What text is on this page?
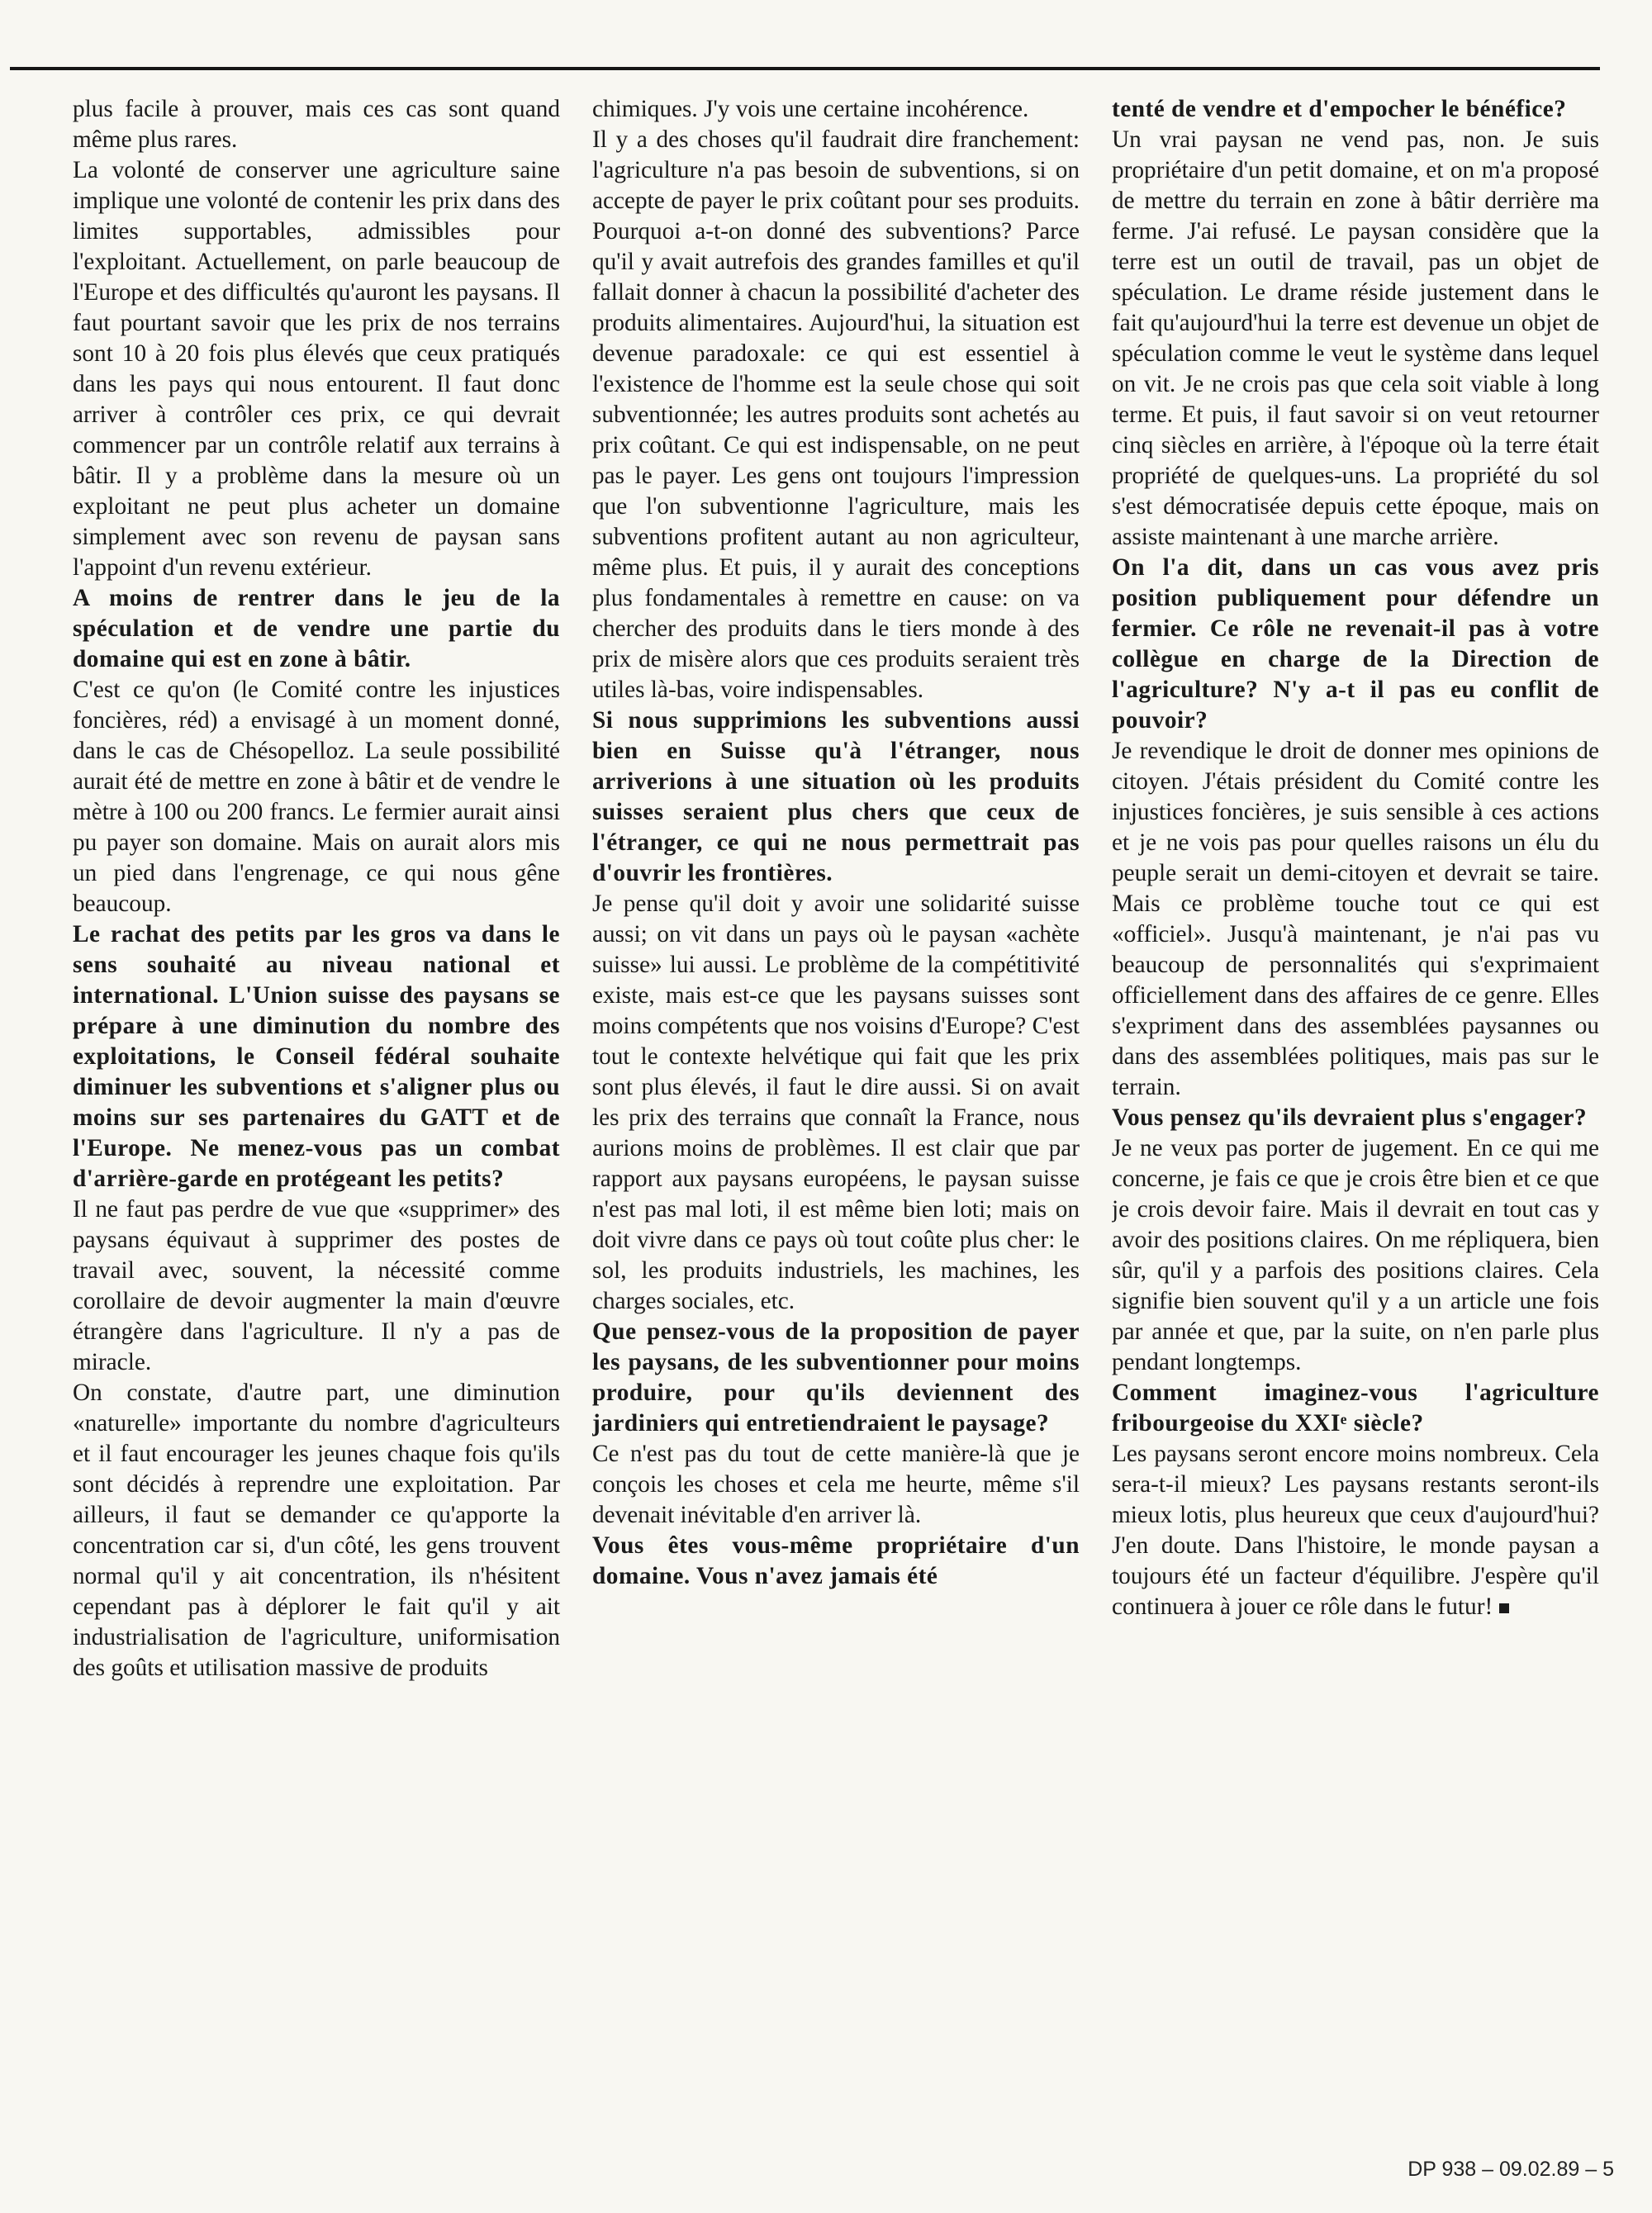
plus facile à prouver, mais ces cas sont quand même plus rares.

La volonté de conserver une agriculture saine implique une volonté de contenir les prix dans des limites supportables, admissibles pour l'exploitant. Actuellement, on parle beaucoup de l'Europe et des difficultés qu'auront les paysans. Il faut pourtant savoir que les prix de nos terrains sont 10 à 20 fois plus élevés que ceux pratiqués dans les pays qui nous entourent. Il faut donc arriver à contrôler ces prix, ce qui devrait commencer par un contrôle relatif aux terrains à bâtir. Il y a problème dans la mesure où un exploitant ne peut plus acheter un domaine simplement avec son revenu de paysan sans l'appoint d'un revenu extérieur.

A moins de rentrer dans le jeu de la spéculation et de vendre une partie du domaine qui est en zone à bâtir.

C'est ce qu'on (le Comité contre les injustices foncières, réd) a envisagé à un moment donné, dans le cas de Chésopelloz. La seule possibilité aurait été de mettre en zone à bâtir et de vendre le mètre à 100 ou 200 francs. Le fermier aurait ainsi pu payer son domaine. Mais on aurait alors mis un pied dans l'engrenage, ce qui nous gêne beaucoup.

Le rachat des petits par les gros va dans le sens souhaité au niveau national et international. L'Union suisse des paysans se prépare à une diminution du nombre des exploitations, le Conseil fédéral souhaite diminuer les subventions et s'aligner plus ou moins sur ses partenaires du GATT et de l'Europe. Ne menez-vous pas un combat d'arrière-garde en protégeant les petits?

Il ne faut pas perdre de vue que «supprimer» des paysans équivaut à supprimer des postes de travail avec, souvent, la nécessité comme corollaire de devoir augmenter la main d'œuvre étrangère dans l'agriculture. Il n'y a pas de miracle.

On constate, d'autre part, une diminution «naturelle» importante du nombre d'agriculteurs et il faut encourager les jeunes chaque fois qu'ils sont décidés à reprendre une exploitation. Par ailleurs, il faut se demander ce qu'apporte la concentration car si, d'un côté, les gens trouvent normal qu'il y ait concentration, ils n'hésitent cependant pas à déplorer le fait qu'il y ait industrialisation de l'agriculture, uniformisation des goûts et utilisation massive de produits

chimiques. J'y vois une certaine incohérence.

Il y a des choses qu'il faudrait dire franchement: l'agriculture n'a pas besoin de subventions, si on accepte de payer le prix coûtant pour ses produits. Pourquoi a-t-on donné des subventions? Parce qu'il y avait autrefois des grandes familles et qu'il fallait donner à chacun la possibilité d'acheter des produits alimentaires. Aujourd'hui, la situation est devenue paradoxale: ce qui est essentiel à l'existence de l'homme est la seule chose qui soit subventionnée; les autres produits sont achetés au prix coûtant. Ce qui est indispensable, on ne peut pas le payer. Les gens ont toujours l'impression que l'on subventionne l'agriculture, mais les subventions profitent autant au non agriculteur, même plus. Et puis, il y aurait des conceptions plus fondamentales à remettre en cause: on va chercher des produits dans le tiers monde à des prix de misère alors que ces produits seraient très utiles là-bas, voire indispensables.

Si nous supprimions les subventions aussi bien en Suisse qu'à l'étranger, nous arriverions à une situation où les produits suisses seraient plus chers que ceux de l'étranger, ce qui ne nous permettrait pas d'ouvrir les frontières.

Je pense qu'il doit y avoir une solidarité suisse aussi; on vit dans un pays où le paysan «achète suisse» lui aussi. Le problème de la compétitivité existe, mais est-ce que les paysans suisses sont moins compétents que nos voisins d'Europe? C'est tout le contexte helvétique qui fait que les prix sont plus élevés, il faut le dire aussi. Si on avait les prix des terrains que connaît la France, nous aurions moins de problèmes. Il est clair que par rapport aux paysans européens, le paysan suisse n'est pas mal loti, il est même bien loti; mais on doit vivre dans ce pays où tout coûte plus cher: le sol, les produits industriels, les machines, les charges sociales, etc.

Que pensez-vous de la proposition de payer les paysans, de les subventionner pour moins produire, pour qu'ils deviennent des jardiniers qui entretiendraient le paysage?

Ce n'est pas du tout de cette manière-là que je conçois les choses et cela me heurte, même s'il devenait inévitable d'en arriver là.

Vous êtes vous-même propriétaire d'un domaine. Vous n'avez jamais été

tenté de vendre et d'empocher le bénéfice?

Un vrai paysan ne vend pas, non. Je suis propriétaire d'un petit domaine, et on m'a proposé de mettre du terrain en zone à bâtir derrière ma ferme. J'ai refusé. Le paysan considère que la terre est un outil de travail, pas un objet de spéculation. Le drame réside justement dans le fait qu'aujourd'hui la terre est devenue un objet de spéculation comme le veut le système dans lequel on vit. Je ne crois pas que cela soit viable à long terme. Et puis, il faut savoir si on veut retourner cinq siècles en arrière, à l'époque où la terre était propriété de quelques-uns. La propriété du sol s'est démocratisée depuis cette époque, mais on assiste maintenant à une marche arrière.

On l'a dit, dans un cas vous avez pris position publiquement pour défendre un fermier. Ce rôle ne revenait-il pas à votre collègue en charge de la Direction de l'agriculture? N'y a-t il pas eu conflit de pouvoir?

Je revendique le droit de donner mes opinions de citoyen. J'étais président du Comité contre les injustices foncières, je suis sensible à ces actions et je ne vois pas pour quelles raisons un élu du peuple serait un demi-citoyen et devrait se taire. Mais ce problème touche tout ce qui est «officiel». Jusqu'à maintenant, je n'ai pas vu beaucoup de personnalités qui s'exprimaient officiellement dans des affaires de ce genre. Elles s'expriment dans des assemblées paysannes ou dans des assemblées politiques, mais pas sur le terrain.

Vous pensez qu'ils devraient plus s'engager?

Je ne veux pas porter de jugement. En ce qui me concerne, je fais ce que je crois être bien et ce que je crois devoir faire. Mais il devrait en tout cas y avoir des positions claires. On me répliquera, bien sûr, qu'il y a parfois des positions claires. Cela signifie bien souvent qu'il y a un article une fois par année et que, par la suite, on n'en parle plus pendant longtemps.

Comment imaginez-vous l'agriculture fribourgeoise du XXIᵉ siècle?

Les paysans seront encore moins nombreux. Cela sera-t-il mieux? Les paysans restants seront-ils mieux lotis, plus heureux que ceux d'aujourd'hui? J'en doute. Dans l'histoire, le monde paysan a toujours été un facteur d'équilibre. J'espère qu'il continuera à jouer ce rôle dans le futur!

DP 938 – 09.02.89 – 5
